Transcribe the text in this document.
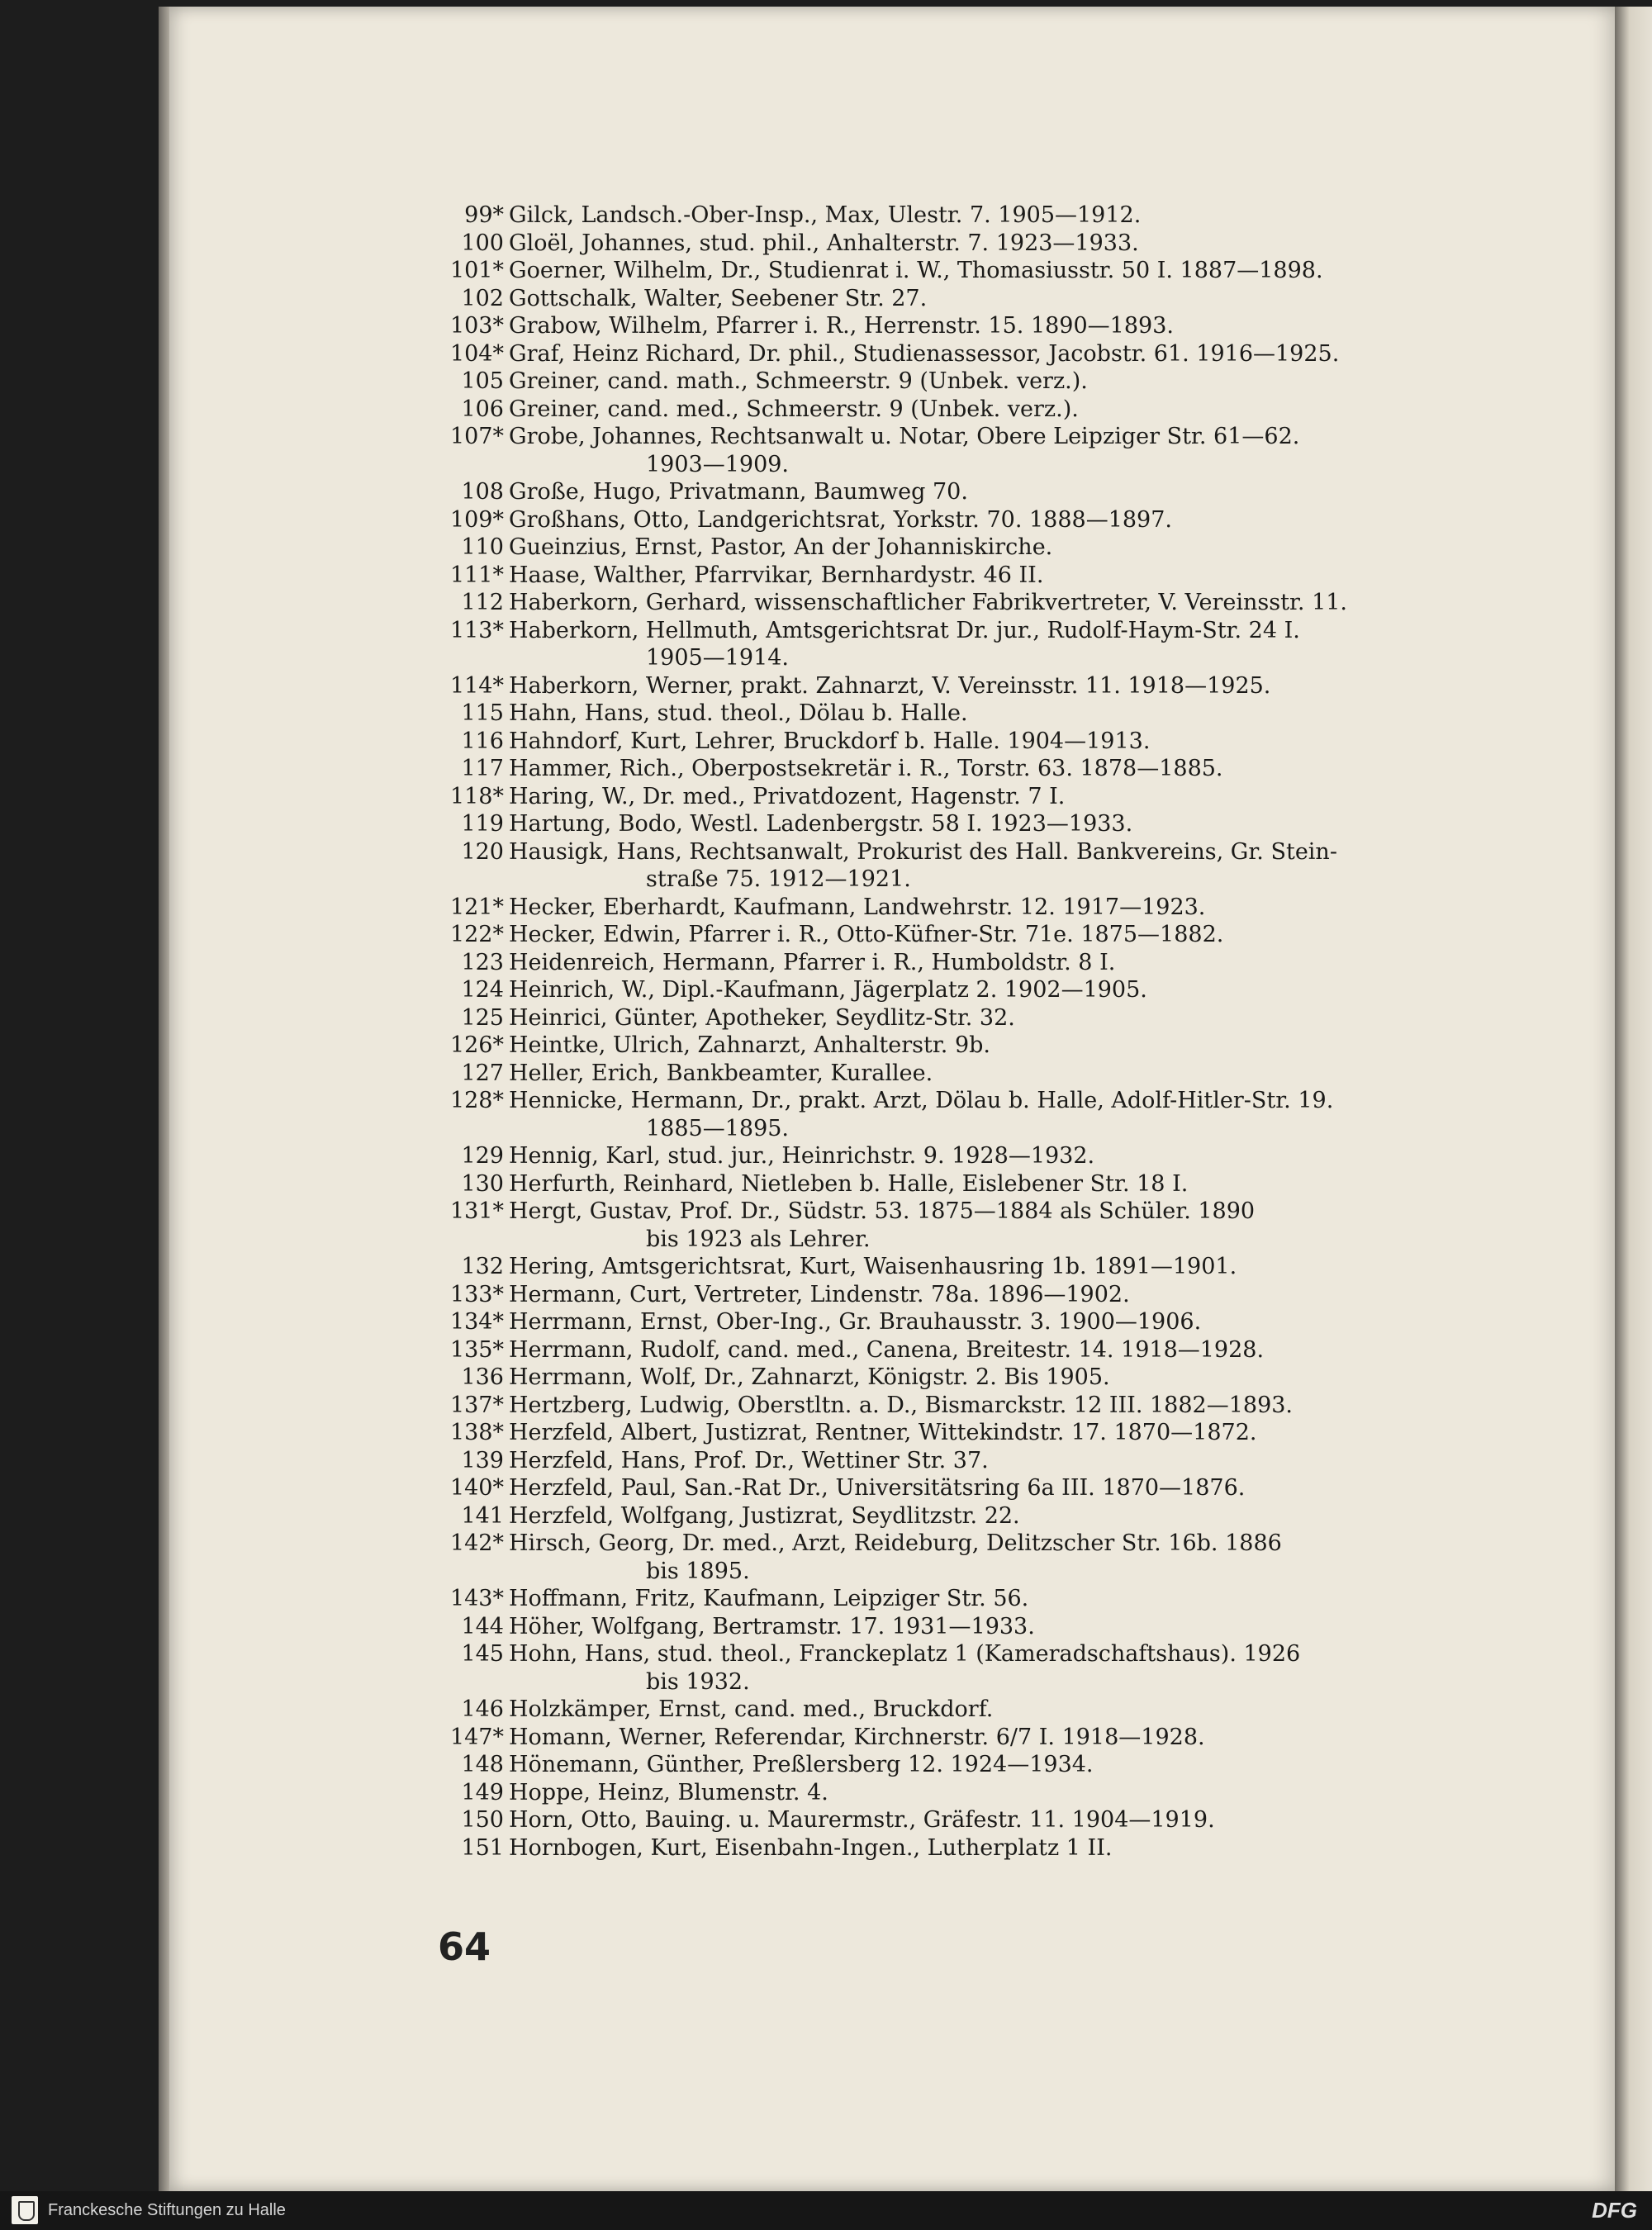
99* Gilck, Landsch.-Ober-Insp., Max, Ulestr. 7. 1905—1912.
100 Gloël, Johannes, stud. phil., Anhalterstr. 7. 1923—1933.
101* Goerner, Wilhelm, Dr., Studienrat i. W., Thomasiusstr. 50 I. 1887—1898.
102 Gottschalk, Walter, Seebener Str. 27.
103* Grabow, Wilhelm, Pfarrer i. R., Herrenstr. 15. 1890—1893.
104* Graf, Heinz Richard, Dr. phil., Studienassessor, Jacobstr. 61. 1916—1925.
105 Greiner, cand. math., Schmeerstr. 9 (Unbek. verz.).
106 Greiner, cand. med., Schmeerstr. 9 (Unbek. verz.).
107* Grobe, Johannes, Rechtsanwalt u. Notar, Obere Leipziger Str. 61—62.
1903—1909.
108 Große, Hugo, Privatmann, Baumweg 70.
109* Großhans, Otto, Landgerichtsrat, Yorkstr. 70. 1888—1897.
110 Gueinzius, Ernst, Pastor, An der Johanniskirche.
111* Haase, Walther, Pfarrvikar, Bernhardystr. 46 II.
112 Haberkorn, Gerhard, wissenschaftlicher Fabrikvertreter, V. Vereinsstr. 11.
113* Haberkorn, Hellmuth, Amtsgerichtsrat Dr. jur., Rudolf-Haym-Str. 24 I.
1905—1914.
114* Haberkorn, Werner, prakt. Zahnarzt, V. Vereinsstr. 11. 1918—1925.
115 Hahn, Hans, stud. theol., Dölau b. Halle.
116 Hahndorf, Kurt, Lehrer, Bruckdorf b. Halle. 1904—1913.
117 Hammer, Rich., Oberpostsekretär i. R., Torstr. 63. 1878—1885.
118* Haring, W., Dr. med., Privatdozent, Hagenstr. 7 I.
119 Hartung, Bodo, Westl. Ladenbergstr. 58 I. 1923—1933.
120 Hausigk, Hans, Rechtsanwalt, Prokurist des Hall. Bankvereins, Gr. Stein-
straße 75. 1912—1921.
121* Hecker, Eberhardt, Kaufmann, Landwehrstr. 12. 1917—1923.
122* Hecker, Edwin, Pfarrer i. R., Otto-Küfner-Str. 71e. 1875—1882.
123 Heidenreich, Hermann, Pfarrer i. R., Humboldstr. 8 I.
124 Heinrich, W., Dipl.-Kaufmann, Jägerplatz 2. 1902—1905.
125 Heinrici, Günter, Apotheker, Seydlitz-Str. 32.
126* Heintke, Ulrich, Zahnarzt, Anhalterstr. 9b.
127 Heller, Erich, Bankbeamter, Kurallee.
128* Hennicke, Hermann, Dr., prakt. Arzt, Dölau b. Halle, Adolf-Hitler-Str. 19.
1885—1895.
129 Hennig, Karl, stud. jur., Heinrichstr. 9. 1928—1932.
130 Herfurth, Reinhard, Nietleben b. Halle, Eislebener Str. 18 I.
131* Hergt, Gustav, Prof. Dr., Südstr. 53. 1875—1884 als Schüler. 1890
bis 1923 als Lehrer.
132 Hering, Amtsgerichtsrat, Kurt, Waisenhausring 1b. 1891—1901.
133* Hermann, Curt, Vertreter, Lindenstr. 78a. 1896—1902.
134* Herrmann, Ernst, Ober-Ing., Gr. Brauhausstr. 3. 1900—1906.
135* Herrmann, Rudolf, cand. med., Canena, Breitestr. 14. 1918—1928.
136 Herrmann, Wolf, Dr., Zahnarzt, Königstr. 2. Bis 1905.
137* Hertzberg, Ludwig, Oberstltn. a. D., Bismarckstr. 12 III. 1882—1893.
138* Herzfeld, Albert, Justizrat, Rentner, Wittekindstr. 17. 1870—1872.
139 Herzfeld, Hans, Prof. Dr., Wettiner Str. 37.
140* Herzfeld, Paul, San.-Rat Dr., Universitätsring 6a III. 1870—1876.
141 Herzfeld, Wolfgang, Justizrat, Seydlitzstr. 22.
142* Hirsch, Georg, Dr. med., Arzt, Reideburg, Delitzscher Str. 16b. 1886
bis 1895.
143* Hoffmann, Fritz, Kaufmann, Leipziger Str. 56.
144 Höher, Wolfgang, Bertramstr. 17. 1931—1933.
145 Hohn, Hans, stud. theol., Franckeplatz 1 (Kameradschaftshaus). 1926
bis 1932.
146 Holzkämper, Ernst, cand. med., Bruckdorf.
147* Homann, Werner, Referendar, Kirchnerstr. 6/7 I. 1918—1928.
148 Hönemann, Günther, Preßlersberg 12. 1924—1934.
149 Hoppe, Heinz, Blumenstr. 4.
150 Horn, Otto, Bauing. u. Maurermstr., Gräfestr. 11. 1904—1919.
151 Hornbogen, Kurt, Eisenbahn-Ingen., Lutherplatz 1 II.
64
Franckesche Stiftungen zu Halle	DFG
